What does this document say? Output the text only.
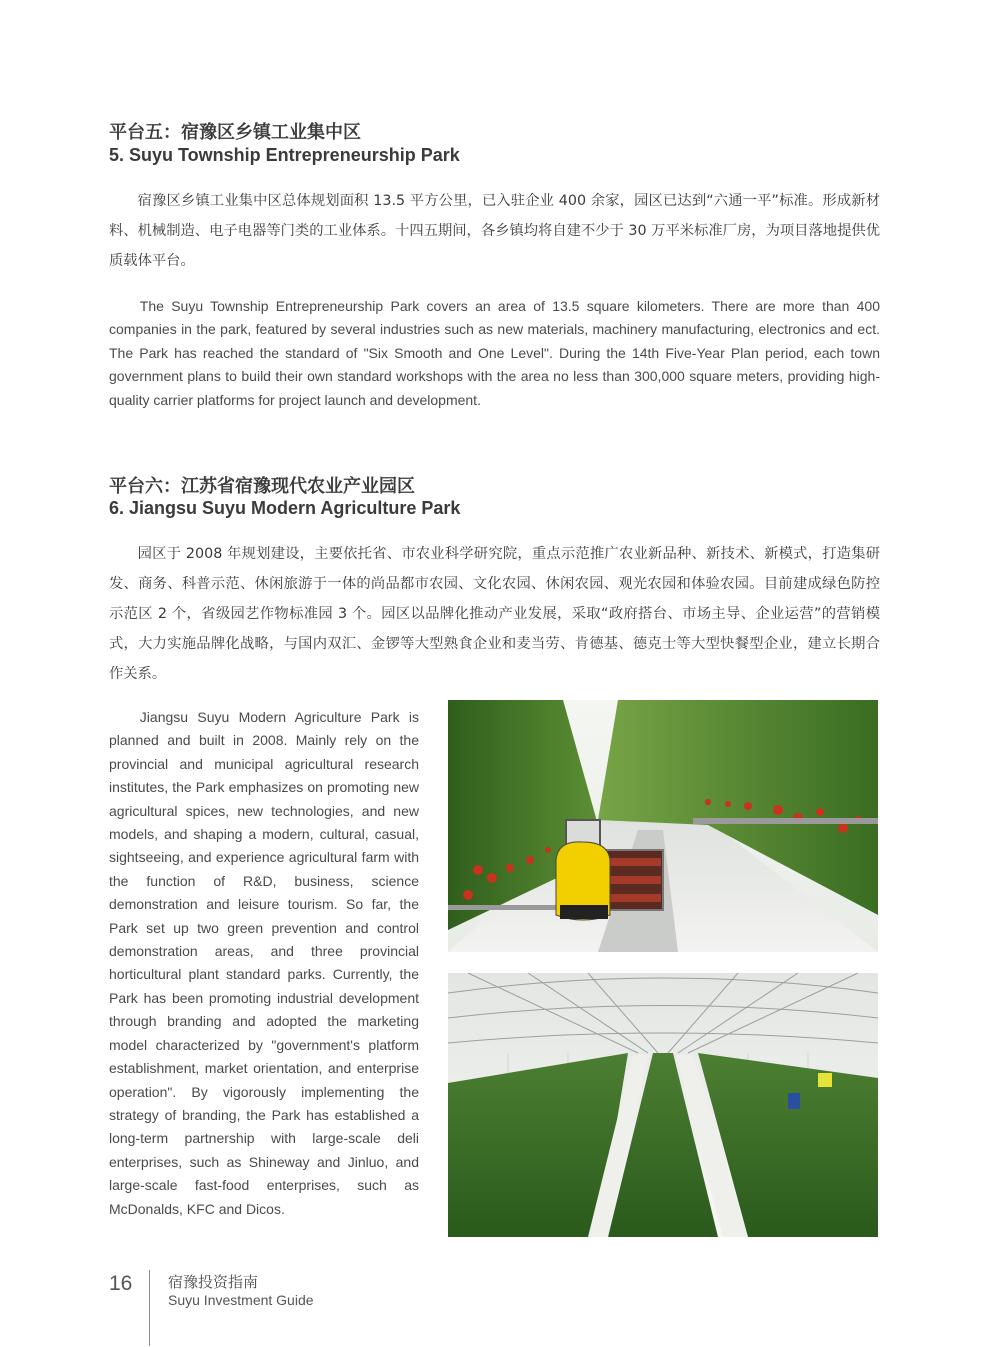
平台五：宿豫区乡镇工业集中区
5. Suyu Township Entrepreneurship Park
宿豫区乡镇工业集中区总体规划面积 13.5 平方公里，已入驻企业 400 余家，园区已达到“六通一平”标准。形成新材料、机械制造、电子电器等门类的工业体系。十四五期间，各乡镇均将自建不少于 30 万平米标准厂房，为项目落地提供优质载体平台。
The Suyu Township Entrepreneurship Park covers an area of 13.5 square kilometers. There are more than 400 companies in the park, featured by several industries such as new materials, machinery manufacturing, electronics and ect. The Park has reached the standard of "Six Smooth and One Level". During the 14th Five-Year Plan period, each town government plans to build their own standard workshops with the area no less than 300,000 square meters, providing high-quality carrier platforms for project launch and development.
平台六：江苏省宿豫现代农业产业园区
6. Jiangsu Suyu Modern Agriculture Park
园区于 2008 年规划建设，主要依托省、市农业科学研究院，重点示范推广农业新品种、新技术、新模式，打造集研发、商务、科普示范、休闲旅游于一体的尚品都市农园、文化农园、休闲农园、观光农园和体验农园。目前建成绿色防控示范区 2 个，省级园艺作物标准园 3 个。园区以品牌化推动产业发展，采取“政府搭台、市场主导、企业运营”的营销模式，大力实施品牌化战略，与国内双汇、金锣等大型熟食企业和麦当劳、肯德基、德克士等大型快餐型企业，建立长期合作关系。
Jiangsu Suyu Modern Agriculture Park is planned and built in 2008. Mainly rely on the provincial and municipal agricultural research institutes, the Park emphasizes on promoting new agricultural spices, new technologies, and new models, and shaping a modern, cultural, casual, sightseeing, and experience agricultural farm with the function of R&D, business, science demonstration and leisure tourism. So far, the Park set up two green prevention and control demonstration areas, and three provincial horticultural plant standard parks. Currently, the Park has been promoting industrial development through branding and adopted the marketing model characterized by "government's platform establishment, market orientation, and enterprise operation". By vigorously implementing the strategy of branding, the Park has established a long-term partnership with large-scale deli enterprises, such as Shineway and Jinluo, and large-scale fast-food enterprises, such as McDonalds, KFC and Dicos.
16 宿豫投资指南
Suyu Investment Guide
